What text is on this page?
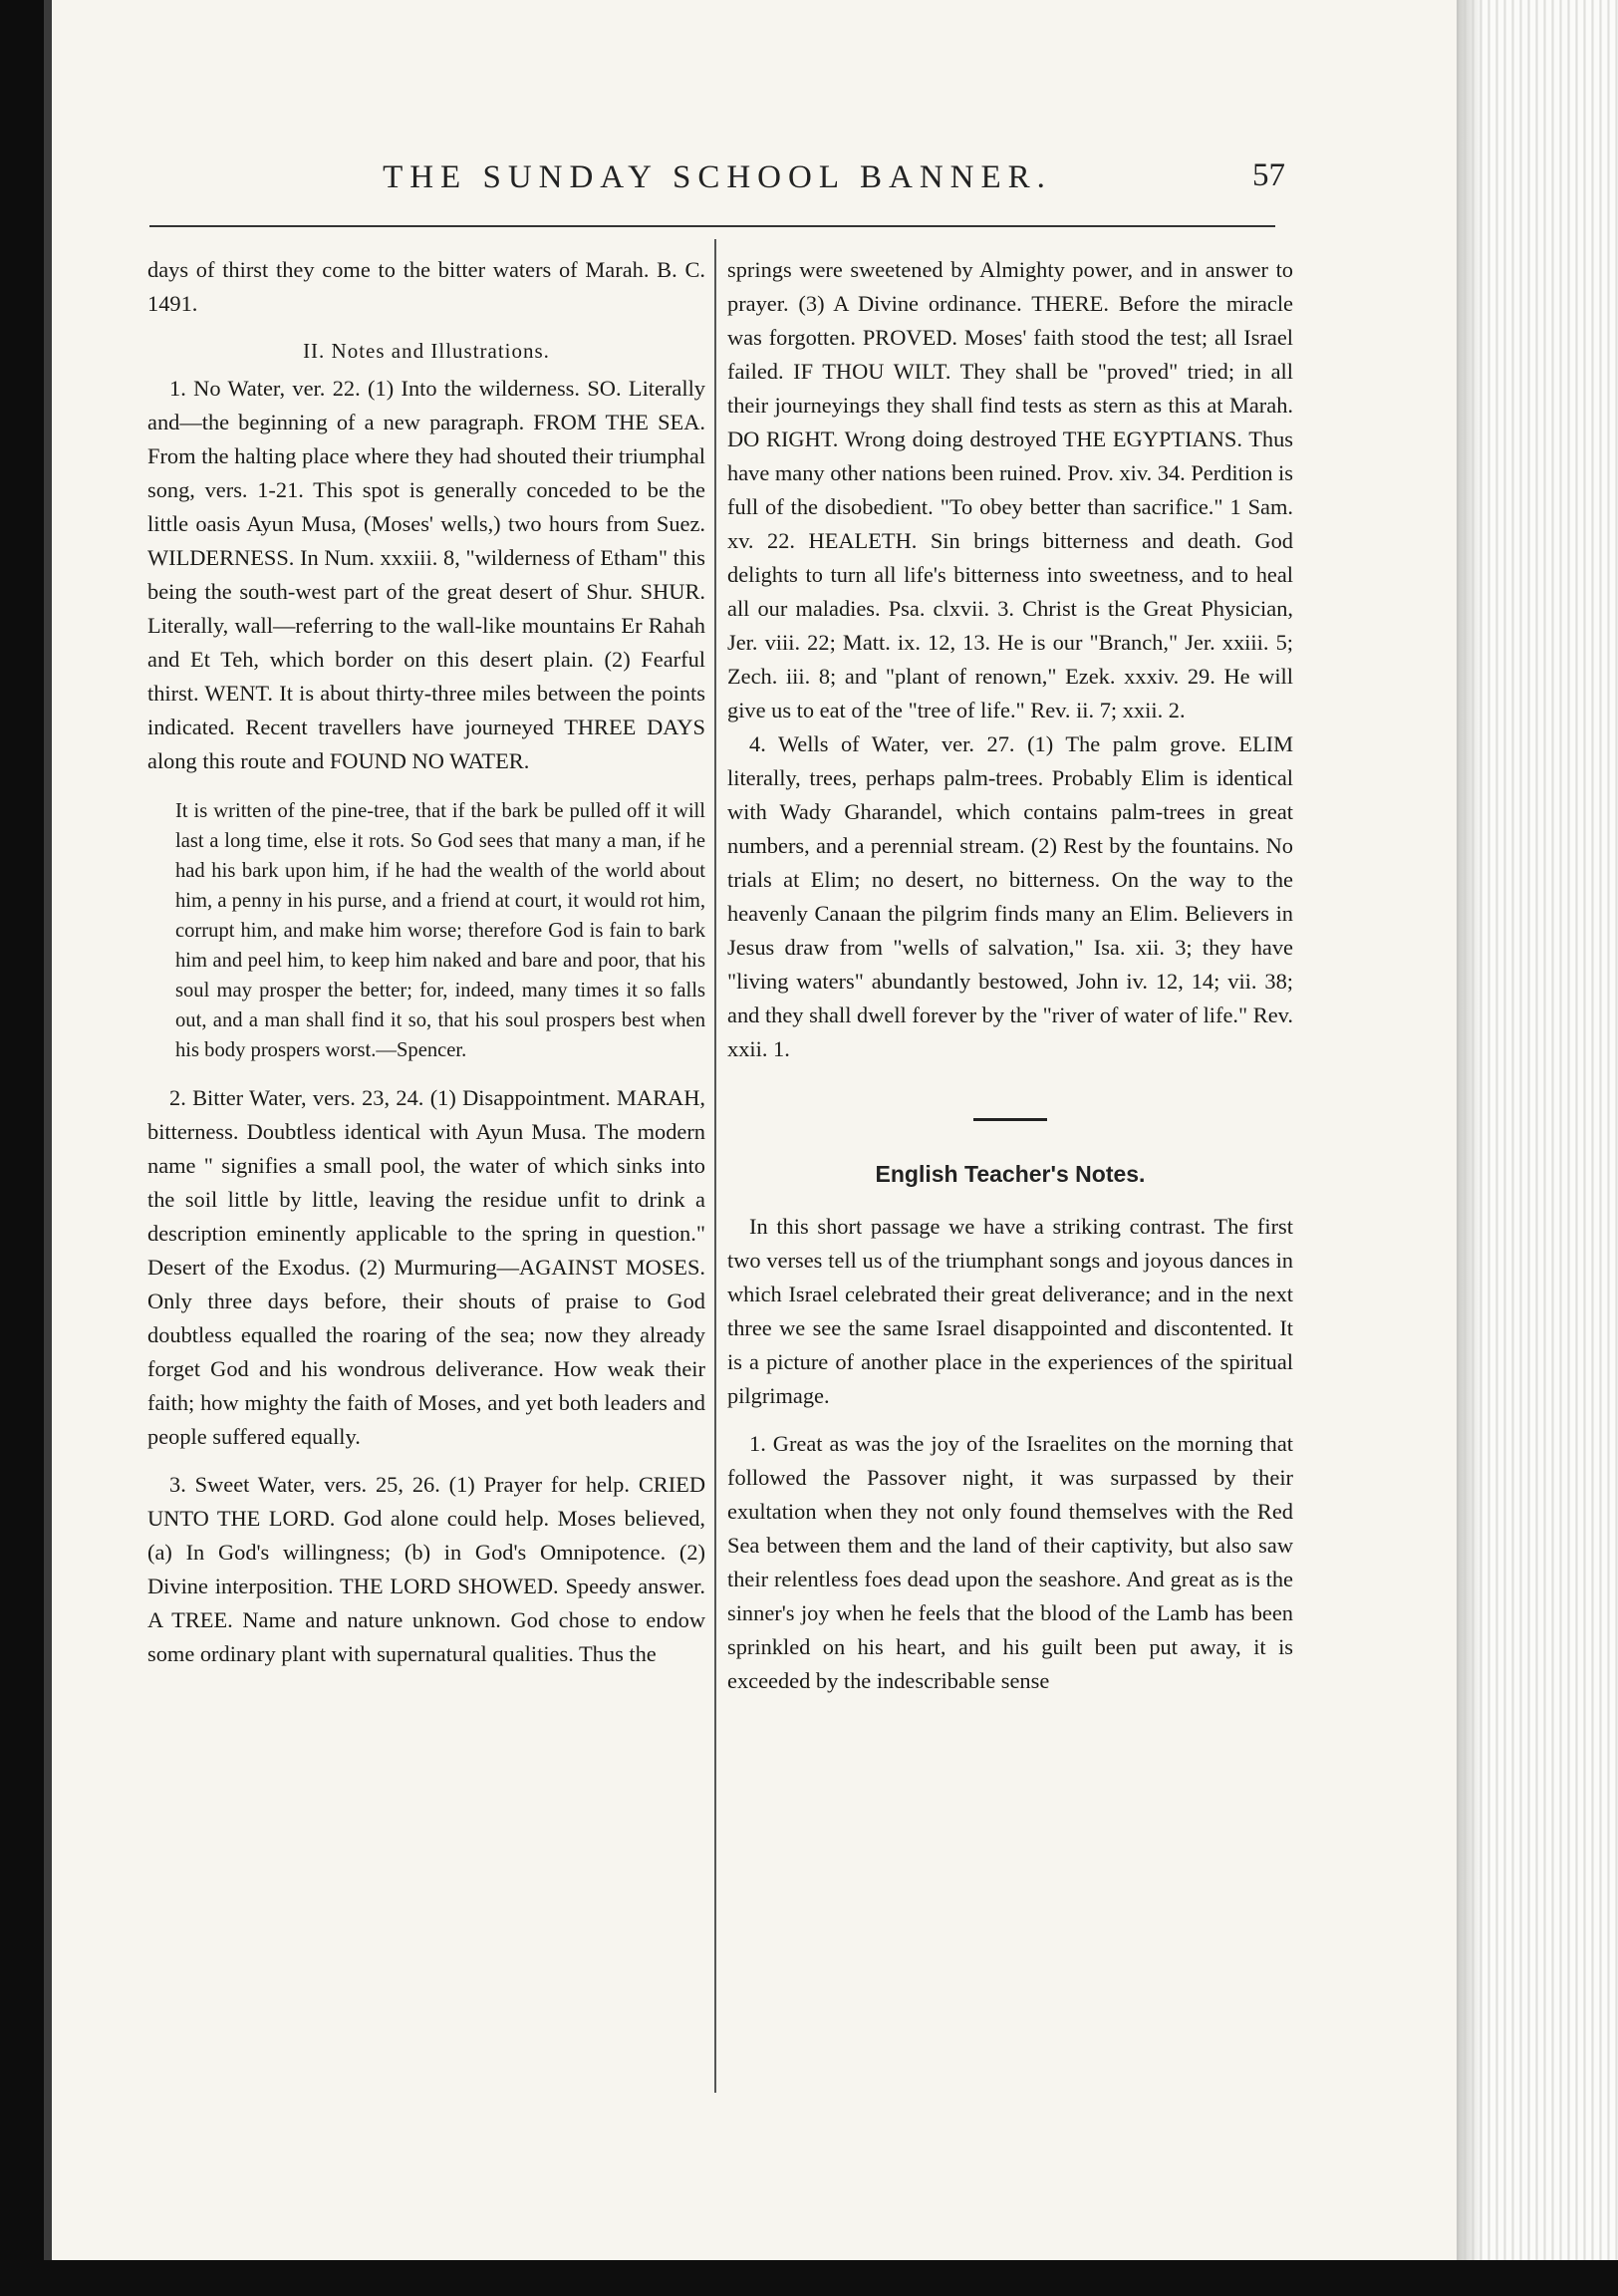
THE SUNDAY SCHOOL BANNER.	57

days of thirst they come to the bitter waters of Marah. B. C. 1491.

II. Notes and Illustrations.

1. No Water, ver. 22. (1) Into the wilderness. SO. Literally and—the beginning of a new paragraph. FROM THE SEA. From the halting place where they had shouted their triumphal song, vers. 1-21. This spot is generally conceded to be the little oasis Ayun Musa, (Moses' wells,) two hours from Suez. WILDERNESS. In Num. xxxiii. 8, "wilderness of Etham" this being the south-west part of the great desert of Shur. SHUR. Literally, wall—referring to the wall-like mountains Er Rahah and Et Teh, which border on this desert plain. (2) Fearful thirst. WENT. It is about thirty-three miles between the points indicated. Recent travellers have journeyed THREE DAYS along this route and FOUND NO WATER.

It is written of the pine-tree, that if the bark be pulled off it will last a long time, else it rots. So God sees that many a man, if he had his bark upon him, if he had the wealth of the world about him, a penny in his purse, and a friend at court, it would rot him, corrupt him, and make him worse; therefore God is fain to bark him and peel him, to keep him naked and bare and poor, that his soul may prosper the better; for, indeed, many times it so falls out, and a man shall find it so, that his soul prospers best when his body prospers worst.—Spencer.

2. Bitter Water, vers. 23, 24. (1) Disappointment. MARAH, bitterness. Doubtless identical with Ayun Musa. The modern name " signifies a small pool, the water of which sinks into the soil little by little, leaving the residue unfit to drink a description eminently applicable to the spring in question." Desert of the Exodus. (2) Murmuring—AGAINST MOSES. Only three days before, their shouts of praise to God doubtless equalled the roaring of the sea; now they already forget God and his wondrous deliverance. How weak their faith; how mighty the faith of Moses, and yet both leaders and people suffered equally.

3. Sweet Water, vers. 25, 26. (1) Prayer for help. CRIED UNTO THE LORD. God alone could help. Moses believed, (a) In God's willingness; (b) in God's Omnipotence. (2) Divine interposition. THE LORD SHOWED. Speedy answer. A TREE. Name and nature unknown. God chose to endow some ordinary plant with supernatural qualities. Thus the

springs were sweetened by Almighty power, and in answer to prayer. (3) A Divine ordinance. THERE. Before the miracle was forgotten. PROVED. Moses' faith stood the test; all Israel failed. IF THOU WILT. They shall be "proved" tried; in all their journeyings they shall find tests as stern as this at Marah. DO RIGHT. Wrong doing destroyed THE EGYPTIANS. Thus have many other nations been ruined. Prov. xiv. 34. Perdition is full of the disobedient. "To obey better than sacrifice." 1 Sam. xv. 22. HEALETH. Sin brings bitterness and death. God delights to turn all life's bitterness into sweetness, and to heal all our maladies. Psa. clxvii. 3. Christ is the Great Physician, Jer. viii. 22; Matt. ix. 12, 13. He is our "Branch," Jer. xxiii. 5; Zech. iii. 8; and "plant of renown," Ezek. xxxiv. 29. He will give us to eat of the "tree of life." Rev. ii. 7; xxii. 2.

4. Wells of Water, ver. 27. (1) The palm grove. ELIM literally, trees, perhaps palm-trees. Probably Elim is identical with Wady Gharandel, which contains palm-trees in great numbers, and a perennial stream. (2) Rest by the fountains. No trials at Elim; no desert, no bitterness. On the way to the heavenly Canaan the pilgrim finds many an Elim. Believers in Jesus draw from "wells of salvation," Isa. xii. 3; they have "living waters" abundantly bestowed, John iv. 12, 14; vii. 38; and they shall dwell forever by the "river of water of life." Rev. xxii. 1.

English Teacher's Notes.

In this short passage we have a striking contrast. The first two verses tell us of the triumphant songs and joyous dances in which Israel celebrated their great deliverance; and in the next three we see the same Israel disappointed and discontented. It is a picture of another place in the experiences of the spiritual pilgrimage.

1. Great as was the joy of the Israelites on the morning that followed the Passover night, it was surpassed by their exultation when they not only found themselves with the Red Sea between them and the land of their captivity, but also saw their relentless foes dead upon the seashore. And great as is the sinner's joy when he feels that the blood of the Lamb has been sprinkled on his heart, and his guilt been put away, it is exceeded by the indescribable sense
